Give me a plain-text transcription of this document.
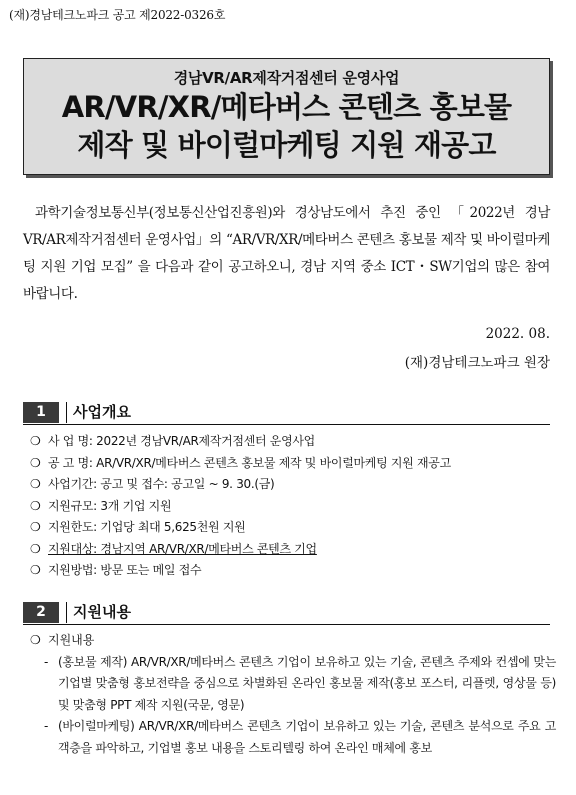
(재)경남테크노파크 공고 제2022-0326호
경남VR/AR제작거점센터 운영사업
AR/VR/XR/메타버스 콘텐츠 홍보물
제작 및 바이럴마케팅 지원 재공고

과학기술정보통신부(정보통신산업진흥원)와 경상남도에서 추진 중인 「2022년 경남VR/AR제작거점센터 운영사업」의 “AR/VR/XR/메타버스 콘텐츠 홍보물 제작 및 바이럴마케팅 지원 기업 모집” 을 다음과 같이 공고하오니, 경남 지역 중소 ICT・SW기업의 많은 참여 바랍니다.

2022. 08.
(재)경남테크노파크 원장
1	사업개요
❍ 사 업 명: 2022년 경남VR/AR제작거점센터 운영사업
❍ 공 고 명: AR/VR/XR/메타버스 콘텐츠 홍보물 제작 및 바이럴마케팅 지원 재공고
❍ 사업기간: 공고 및 접수: 공고일 ~ 9. 30.(금)
❍ 지원규모: 3개 기업 지원
❍ 지원한도: 기업당 최대 5,625천원 지원
❍ 지원대상: 경남지역 AR/VR/XR/메타버스 콘텐츠 기업
❍ 지원방법: 방문 또는 메일 접수
2	지원내용
❍ 지원내용
- (홍보물 제작) AR/VR/XR/메타버스 콘텐츠 기업이 보유하고 있는 기술, 콘텐츠 주제와 컨셉에 맞는 기업별 맞춤형 홍보전략을 중심으로 차별화된 온라인 홍보물 제작(홍보 포스터, 리플렛, 영상물 등) 및 맞춤형 PPT 제작 지원(국문, 영문)
- (바이럴마케팅) AR/VR/XR/메타버스 콘텐츠 기업이 보유하고 있는 기술, 콘텐츠 분석으로 주요 고객층을 파악하고, 기업별 홍보 내용을 스토리텔링 하여 온라인 매체에 홍보
